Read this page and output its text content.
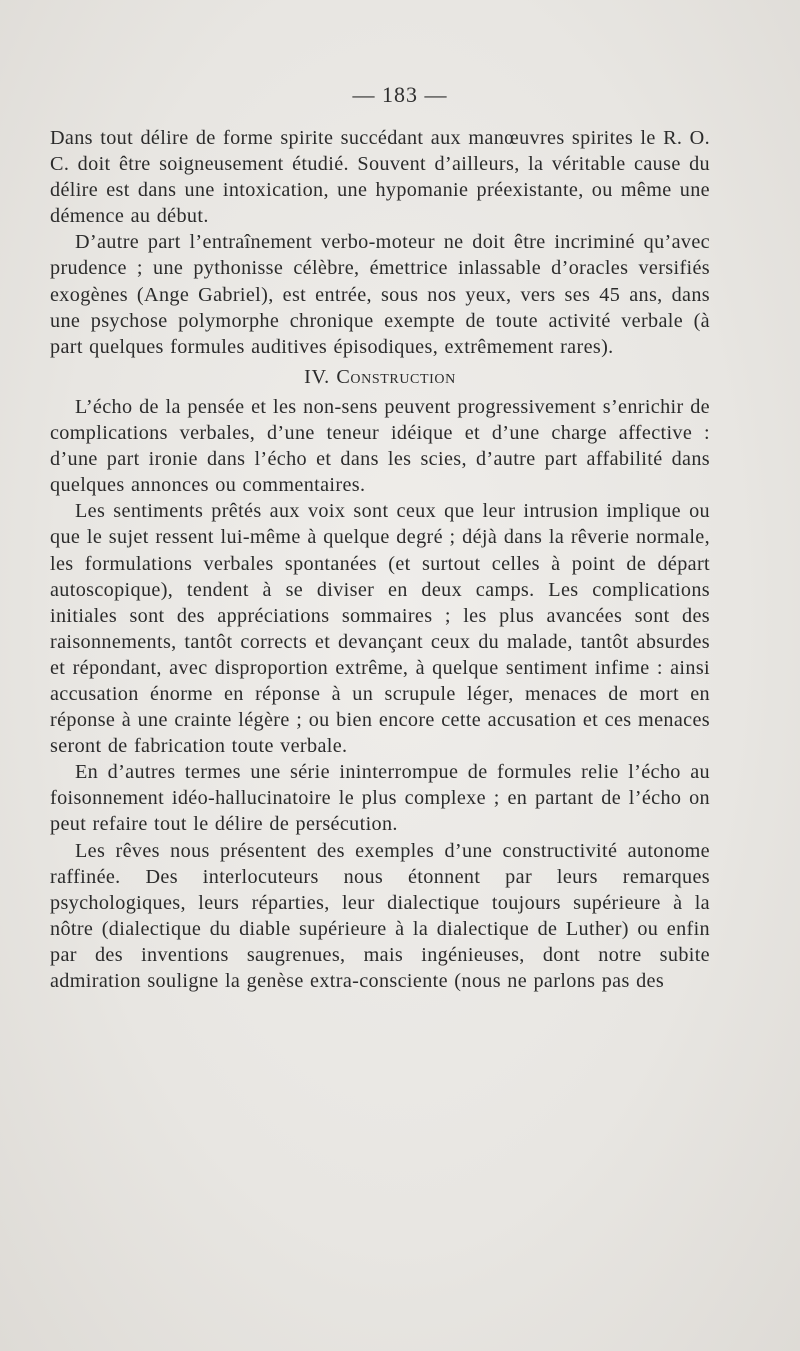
— 183 —

Dans tout délire de forme spirite succédant aux manœuvres spirites le R. O. C. doit être soigneusement étudié. Souvent d’ailleurs, la véritable cause du délire est dans une intoxication, une hypomanie préexistante, ou même une démence au début.

D’autre part l’entraînement verbo-moteur ne doit être incriminé qu’avec prudence ; une pythonisse célèbre, émettrice inlassable d’oracles versifiés exogènes (Ange Gabriel), est entrée, sous nos yeux, vers ses 45 ans, dans une psychose polymorphe chronique exempte de toute activité verbale (à part quelques formules auditives épisodiques, extrêmement rares).

IV. Construction

L’écho de la pensée et les non-sens peuvent progressivement s’enrichir de complications verbales, d’une teneur idéique et d’une charge affective : d’une part ironie dans l’écho et dans les scies, d’autre part affabilité dans quelques annonces ou commentaires.

Les sentiments prêtés aux voix sont ceux que leur intrusion implique ou que le sujet ressent lui-même à quelque degré ; déjà dans la rêverie normale, les formulations verbales spontanées (et surtout celles à point de départ autoscopique), tendent à se diviser en deux camps. Les complications initiales sont des appréciations sommaires ; les plus avancées sont des raisonnements, tantôt corrects et devançant ceux du malade, tantôt absurdes et répondant, avec disproportion extrême, à quelque sentiment infime : ainsi accusation énorme en réponse à un scrupule léger, menaces de mort en réponse à une crainte légère ; ou bien encore cette accusation et ces menaces seront de fabrication toute verbale.

En d’autres termes une série ininterrompue de formules relie l’écho au foisonnement idéo-hallucinatoire le plus complexe ; en partant de l’écho on peut refaire tout le délire de persécution.

Les rêves nous présentent des exemples d’une constructivité autonome raffinée. Des interlocuteurs nous étonnent par leurs remarques psychologiques, leurs réparties, leur dialectique toujours supérieure à la nôtre (dialectique du diable supérieure à la dialectique de Luther) ou enfin par des inventions saugrenues, mais ingénieuses, dont notre subite admiration souligne la genèse extra-consciente (nous ne parlons pas des
